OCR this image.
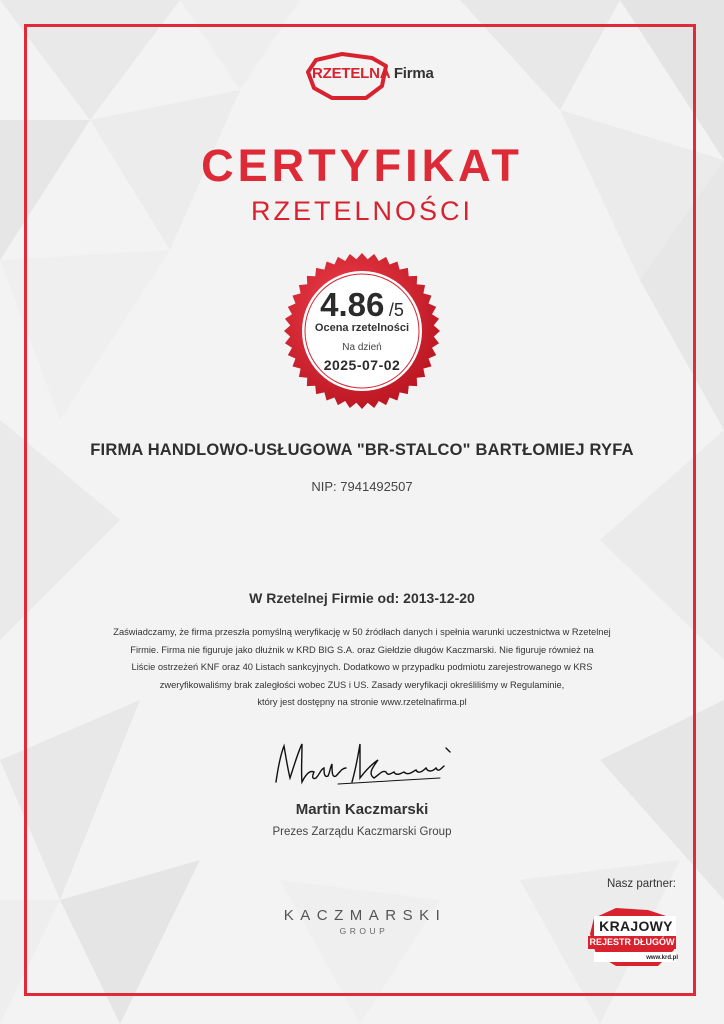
RZETELNA Firma
CERTYFIKAT
RZETELNOŚCI
4.86 /5
Ocena rzetelności
Na dzień
2025-07-02
FIRMA HANDLOWO-USŁUGOWA "BR-STALCO" BARTŁOMIEJ RYFA
NIP: 7941492507
W Rzetelnej Firmie od: 2013-12-20
Zaświadczamy, że firma przeszła pomyślną weryfikację w 50 źródłach danych i spełnia warunki uczestnictwa w Rzetelnej
Firmie. Firma nie figuruje jako dłużnik w KRD BIG S.A. oraz Giełdzie długów Kaczmarski. Nie figuruje również na
Liście ostrzeżeń KNF oraz 40 Listach sankcyjnych. Dodatkowo w przypadku podmiotu zarejestrowanego w KRS
zweryfikowaliśmy brak zaległości wobec ZUS i US. Zasady weryfikacji określiliśmy w Regulaminie,
który jest dostępny na stronie www.rzetelnafirma.pl
Martin Kaczmarski
Prezes Zarządu Kaczmarski Group
KACZMARSKI
GROUP
Nasz partner:
KRAJOWY
REJESTR DŁUGÓW
www.krd.pl
